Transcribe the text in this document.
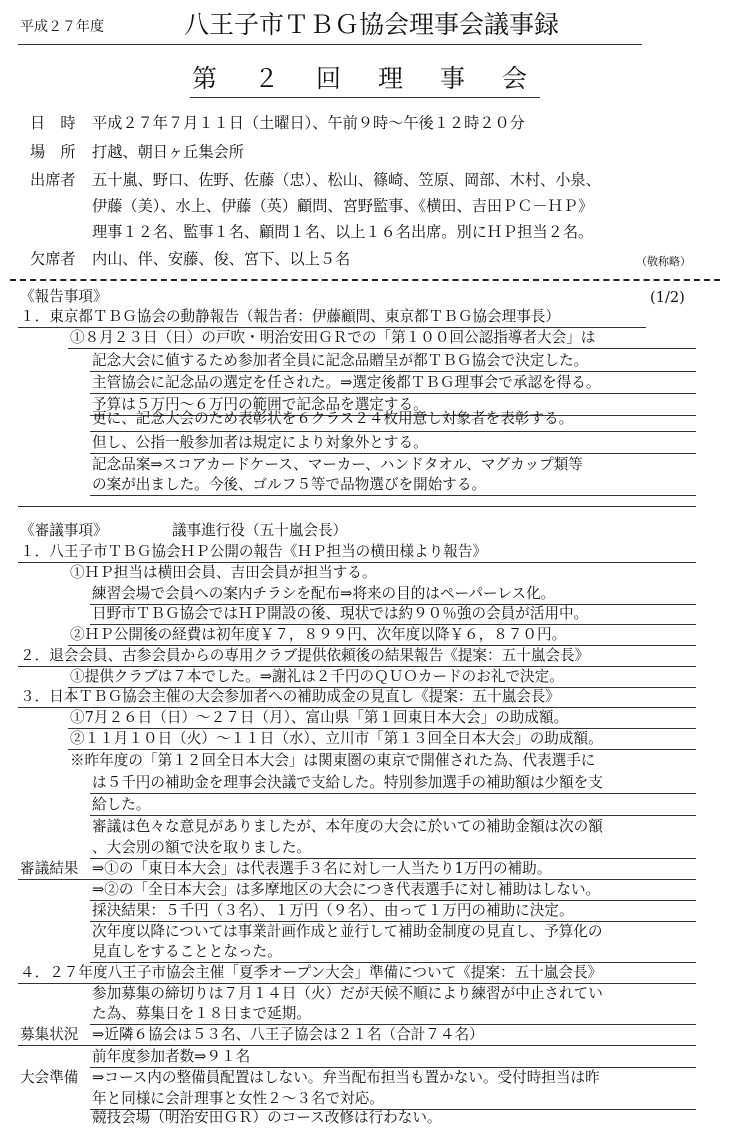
平成２７年度	八王子市ＴＢＧ協会理事会議事録
第　２　回　理　事　会
日　時 平成２７年７月１１日（土曜日）、午前９時～午後１２時２０分
場　所 打越、朝日ヶ丘集会所
出席者 五十嵐、野口、佐野、佐藤（忠）、松山、篠崎、笠原、岡部、木村、小泉、
伊藤（美）、水上、伊藤（英）顧問、宮野監事、《横田、吉田ＰＣ－ＨＰ》
理事１２名、監事１名、顧問１名、以上１６名出席。別にＨＰ担当２名。
欠席者 内山、伴、安藤、俊、宮下、以上５名	（敬称略）
《報告事項》	(1/2)
１．東京都ＴＢＧ協会の動静報告（報告者：伊藤顧問、東京都ＴＢＧ協会理事長）
①８月２３日（日）の戸吹・明治安田ＧＲでの「第１００回公認指導者大会」は
記念大会に値するため参加者全員に記念品贈呈が都ＴＢＧ協会で決定した。
主管協会に記念品の選定を任された。⇒選定後都ＴＢＧ理事会で承認を得る。
予算は５万円～６万円の範囲で記念品を選定する。
更に、記念大会のため表彰状を６クラス２４枚用意し対象者を表彰する。
但し、公指一般参加者は規定により対象外とする。
記念品案⇒スコアカードケース、マーカー、ハンドタオル、マグカップ類等
の案が出ました。今後、ゴルフ５等で品物選びを開始する。
《審議事項》	議事進行役（五十嵐会長）
１．八王子市ＴＢＧ協会ＨＰ公開の報告《ＨＰ担当の横田様より報告》
①ＨＰ担当は横田会員、吉田会員が担当する。
練習会場で会員への案内チラシを配布⇒将来の目的はペーパーレス化。
日野市ＴＢＧ協会ではＨＰ開設の後、現状では約９０％強の会員が活用中。
②ＨＰ公開後の経費は初年度￥７，８９９円、次年度以降￥６，８７０円。
２．退会会員、古参会員からの専用クラブ提供依頼後の結果報告《提案：五十嵐会長》
①提供クラブは７本でした。⇒謝礼は２千円のＱＵＯカードのお礼で決定。
３．日本ＴＢＧ協会主催の大会参加者への補助成金の見直し《提案：五十嵐会長》
①7月２６日（日）～２７日（月）、富山県「第１回東日本大会」の助成額。
②１１月１０日（火）～１１日（水）、立川市「第１３回全日本大会」の助成額。
※昨年度の「第１２回全日本大会」は関東圏の東京で開催された為、代表選手に
は５千円の補助金を理事会決議で支給した。特別参加選手の補助額は少額を支
給した。
審議は色々な意見がありましたが、本年度の大会に於いての補助金額は次の額
、大会別の額で決を取りました。
審議結果 ⇒①の「東日本大会」は代表選手３名に対し一人当たり1万円の補助。
⇒②の「全日本大会」は多摩地区の大会につき代表選手に対し補助はしない。
採決結果：５千円（３名）、１万円（９名）、由って１万円の補助に決定。
次年度以降については事業計画作成と並行して補助金制度の見直し、予算化の
見直しをすることとなった。
４．２７年度八王子市協会主催「夏季オープン大会」準備について《提案：五十嵐会長》
参加募集の締切りは７月１４日（火）だが天候不順により練習が中止されてい
た為、募集日を１８日まで延期。
募集状況 ⇒近隣６協会は５３名、八王子協会は２１名（合計７４名）
前年度参加者数⇒９１名
大会準備 ⇒コース内の整備員配置はしない。弁当配布担当も置かない。受付時担当は昨
年と同様に会計理事と女性２～３名で対応。
競技会場（明治安田ＧＲ）のコース改修は行わない。
